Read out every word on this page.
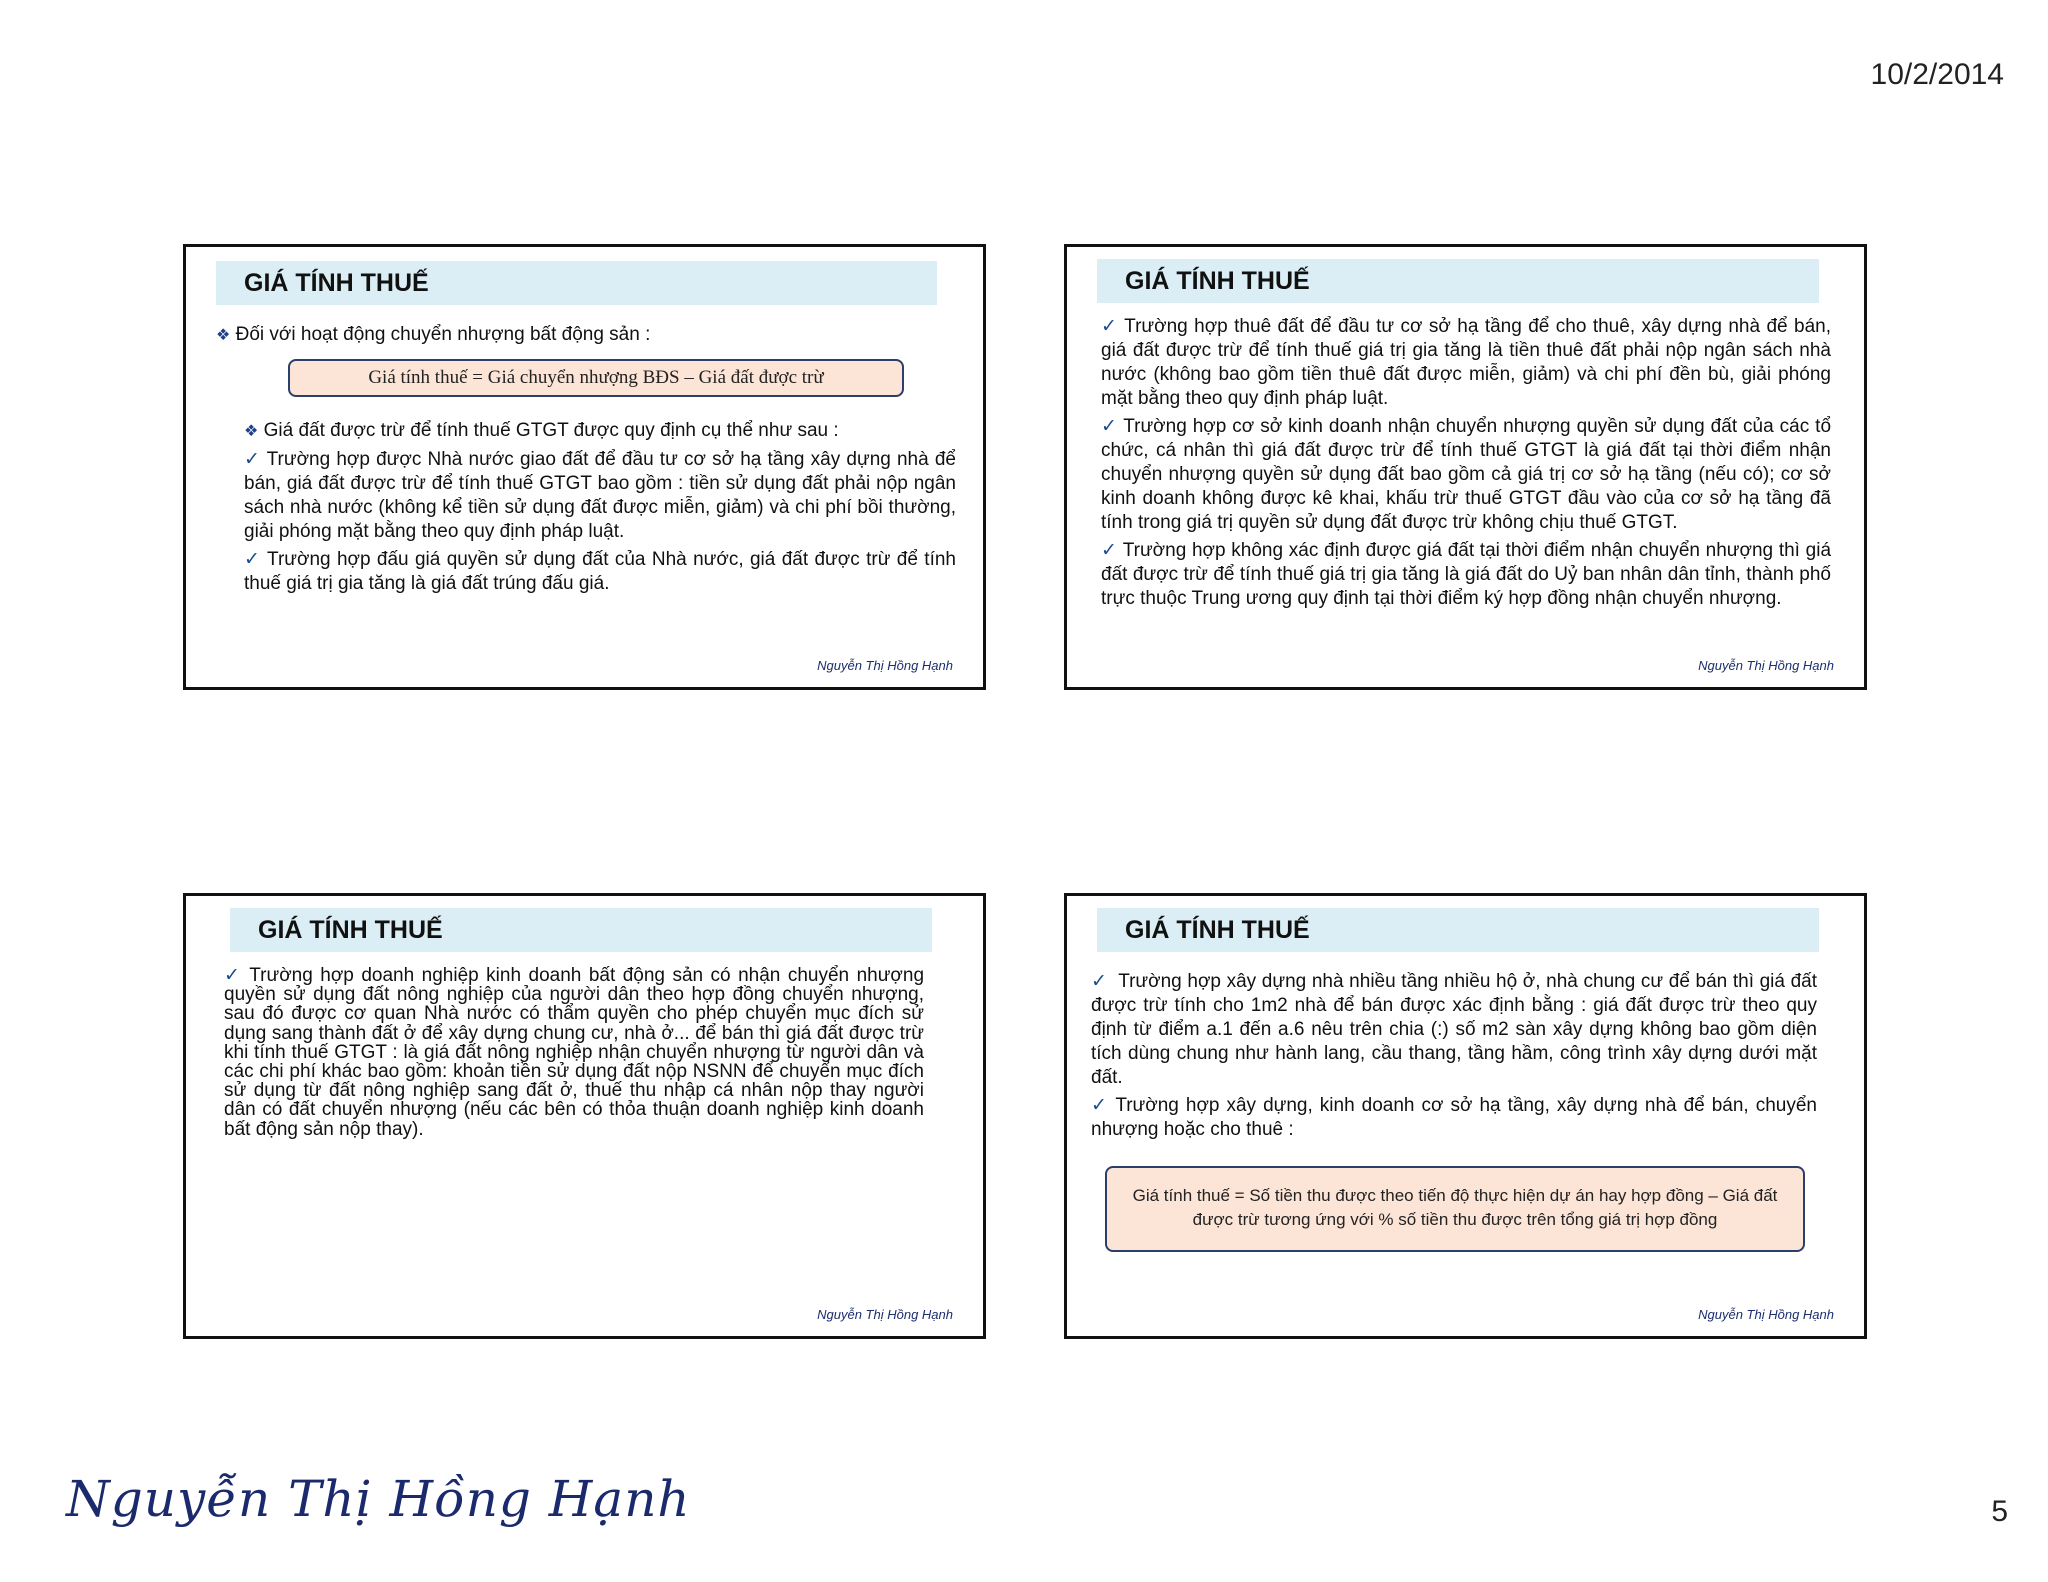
10/2/2014
GIÁ TÍNH THUẾ
❖ Đối với hoạt động chuyển nhượng bất động sản :
Giá tính thuế = Giá chuyển nhượng BĐS – Giá đất được trừ

❖ Giá đất được trừ để tính thuế GTGT được quy định cụ thể như sau :

✓ Trường hợp được Nhà nước giao đất để đầu tư cơ sở hạ tầng xây dựng nhà để bán, giá đất được trừ để tính thuế GTGT bao gồm : tiền sử dụng đất phải nộp ngân sách nhà nước (không kể tiền sử dụng đất được miễn, giảm) và chi phí bồi thường, giải phóng mặt bằng theo quy định pháp luật.

✓ Trường hợp đấu giá quyền sử dụng đất của Nhà nước, giá đất được trừ để tính thuế giá trị gia tăng là giá đất trúng đấu giá.

Nguyễn Thị Hồng Hạnh
GIÁ TÍNH THUẾ

✓ Trường hợp thuê đất để đầu tư cơ sở hạ tầng để cho thuê, xây dựng nhà để bán, giá đất được trừ để tính thuế giá trị gia tăng là tiền thuê đất phải nộp ngân sách nhà nước (không bao gồm tiền thuê đất được miễn, giảm) và chi phí đền bù, giải phóng mặt bằng theo quy định pháp luật.

✓ Trường hợp cơ sở kinh doanh nhận chuyển nhượng quyền sử dụng đất của các tổ chức, cá nhân thì giá đất được trừ để tính thuế GTGT là giá đất tại thời điểm nhận chuyển nhượng quyền sử dụng đất bao gồm cả giá trị cơ sở hạ tầng (nếu có); cơ sở kinh doanh không được kê khai, khấu trừ thuế GTGT đầu vào của cơ sở hạ tầng đã tính trong giá trị quyền sử dụng đất được trừ không chịu thuế GTGT.

✓ Trường hợp không xác định được giá đất tại thời điểm nhận chuyển nhượng thì giá đất được trừ để tính thuế giá trị gia tăng là giá đất do Uỷ ban nhân dân tỉnh, thành phố trực thuộc Trung ương quy định tại thời điểm ký hợp đồng nhận chuyển nhượng.

Nguyễn Thị Hồng Hạnh
GIÁ TÍNH THUẾ

✓ Trường hợp doanh nghiệp kinh doanh bất động sản có nhận chuyển nhượng quyền sử dụng đất nông nghiệp của người dân theo hợp đồng chuyển nhượng, sau đó được cơ quan Nhà nước có thẩm quyền cho phép chuyển mục đích sử dụng sang thành đất ở để xây dựng chung cư, nhà ở... để bán thì giá đất được trừ khi tính thuế GTGT : là giá đất nông nghiệp nhận chuyển nhượng từ người dân và các chi phí khác bao gồm: khoản tiền sử dụng đất nộp NSNN để chuyển mục đích sử dụng từ đất nông nghiệp sang đất ở, thuế thu nhập cá nhân nộp thay người dân có đất chuyển nhượng (nếu các bên có thỏa thuận doanh nghiệp kinh doanh bất động sản nộp thay).

Nguyễn Thị Hồng Hạnh
GIÁ TÍNH THUẾ

✓ Trường hợp xây dựng nhà nhiều tầng nhiều hộ ở, nhà chung cư để bán thì giá đất được trừ tính cho 1m2 nhà để bán được xác định bằng : giá đất được trừ theo quy định từ điểm a.1 đến a.6 nêu trên chia (:) số m2 sàn xây dựng không bao gồm diện tích dùng chung như hành lang, cầu thang, tầng hầm, công trình xây dựng dưới mặt đất.

✓ Trường hợp xây dựng, kinh doanh cơ sở hạ tầng, xây dựng nhà để bán, chuyển nhượng hoặc cho thuê :

Giá tính thuế = Số tiền thu được theo tiến độ thực hiện dự án hay hợp đồng – Giá đất được trừ tương ứng với % số tiền thu được trên tổng giá trị hợp đồng
Nguyễn Thị Hồng Hạnh
Nguyễn Thị Hồng Hạnh	5
